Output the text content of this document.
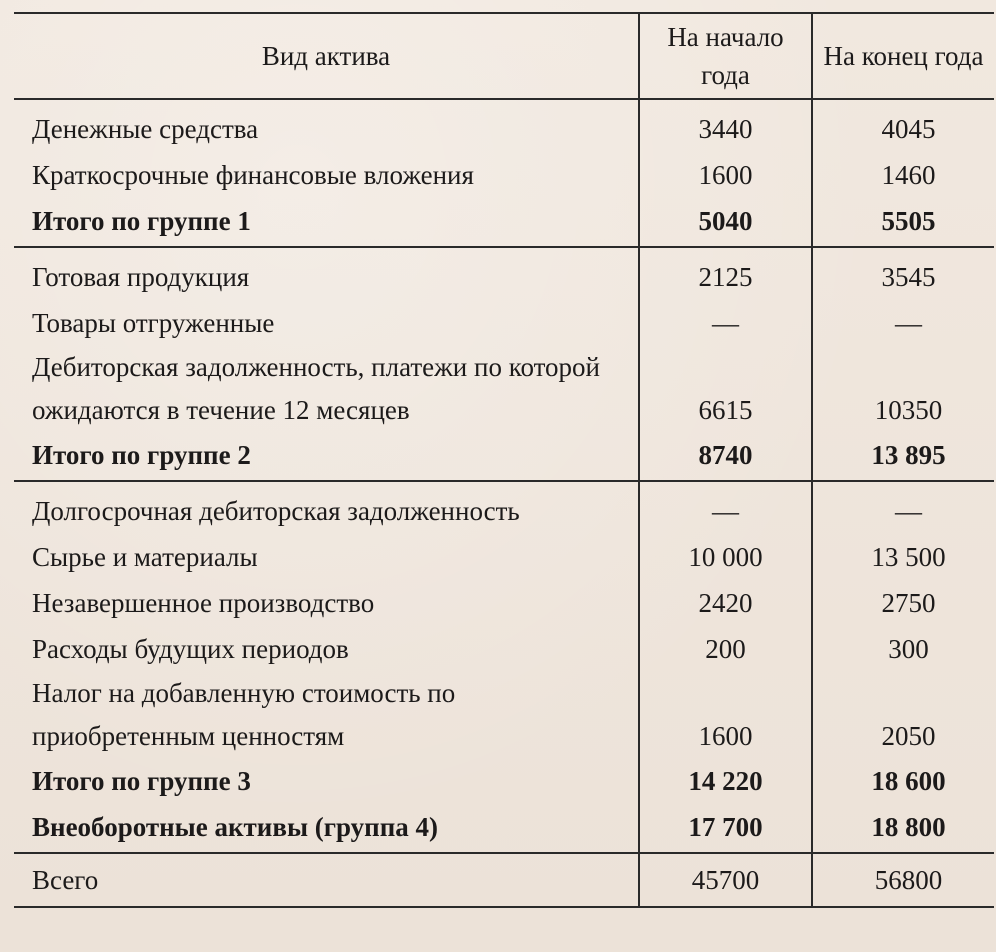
Вид актива	На начало года	На конец года
Денежные средства	3440	4045
Краткосрочные финансовые вложения	1600	1460
Итого по группе 1	5040	5505
Готовая продукция	2125	3545
Товары отгруженные	—	—
Дебиторская задолженность, платежи по которой ожидаются в течение 12 месяцев	6615	10350
Итого по группе 2	8740	13 895
Долгосрочная дебиторская задолженность	—	—
Сырье и материалы	10 000	13 500
Незавершенное производство	2420	2750
Расходы будущих периодов	200	300
Налог на добавленную стоимость по приобретенным ценностям	1600	2050
Итого по группе 3	14 220	18 600
Внеоборотные активы (группа 4)	17 700	18 800
Всего	45700	56800
